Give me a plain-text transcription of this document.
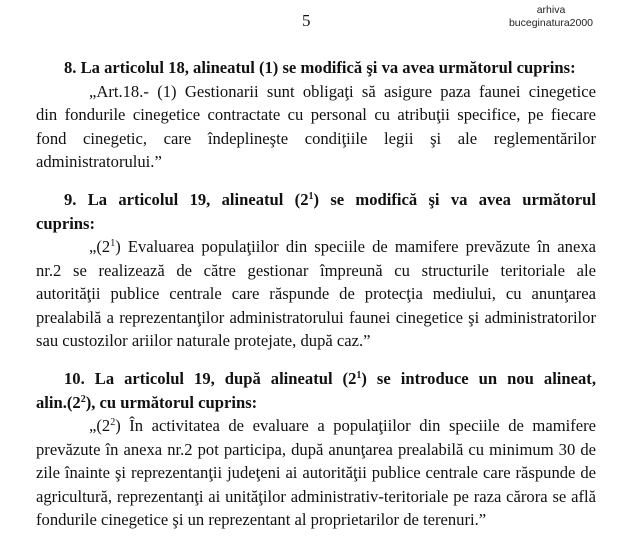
5
arhiva
buceginatura2000
8. La articolul 18, alineatul (1) se modifică şi va avea următorul cuprins:
„Art.18.- (1) Gestionarii sunt obligaţi să asigure paza faunei cinegetice
din fondurile cinegetice contractate cu personal cu atribuţii specifice, pe fiecare
fond cinegetic, care îndeplineşte condiţiile legii şi ale reglementărilor
administratorului.”
9. La articolul 19, alineatul $(2^1)$ se modifică şi va avea următorul
cuprins:
$„(2^1)$ Evaluarea populaţiilor din speciile de mamifere prevăzute în anexa
nr.2 se realizează de către gestionar împreună cu structurile teritoriale ale
autorităţii publice centrale care răspunde de protecţia mediului, cu anunţarea
prealabilă a reprezentanţilor administratorului faunei cinegetice şi administratorilor
sau custozilor ariilor naturale protejate, după caz.”
10. La articolul 19, după alineatul $(2^1)$ se introduce un nou alineat,
$alin.(2^2)$, cu următorul cuprins:
$„(2^2)$ În activitatea de evaluare a populaţiilor din speciile de mamifere
prevăzute în anexa nr.2 pot participa, după anunţarea prealabilă cu minimum 30 de
zile înainte şi reprezentanţii judeţeni ai autorităţii publice centrale care răspunde de
agricultură, reprezentanţi ai unităţilor administrativ-teritoriale pe raza cărora se află
fondurile cinegetice şi un reprezentant al proprietarilor de terenuri.”
